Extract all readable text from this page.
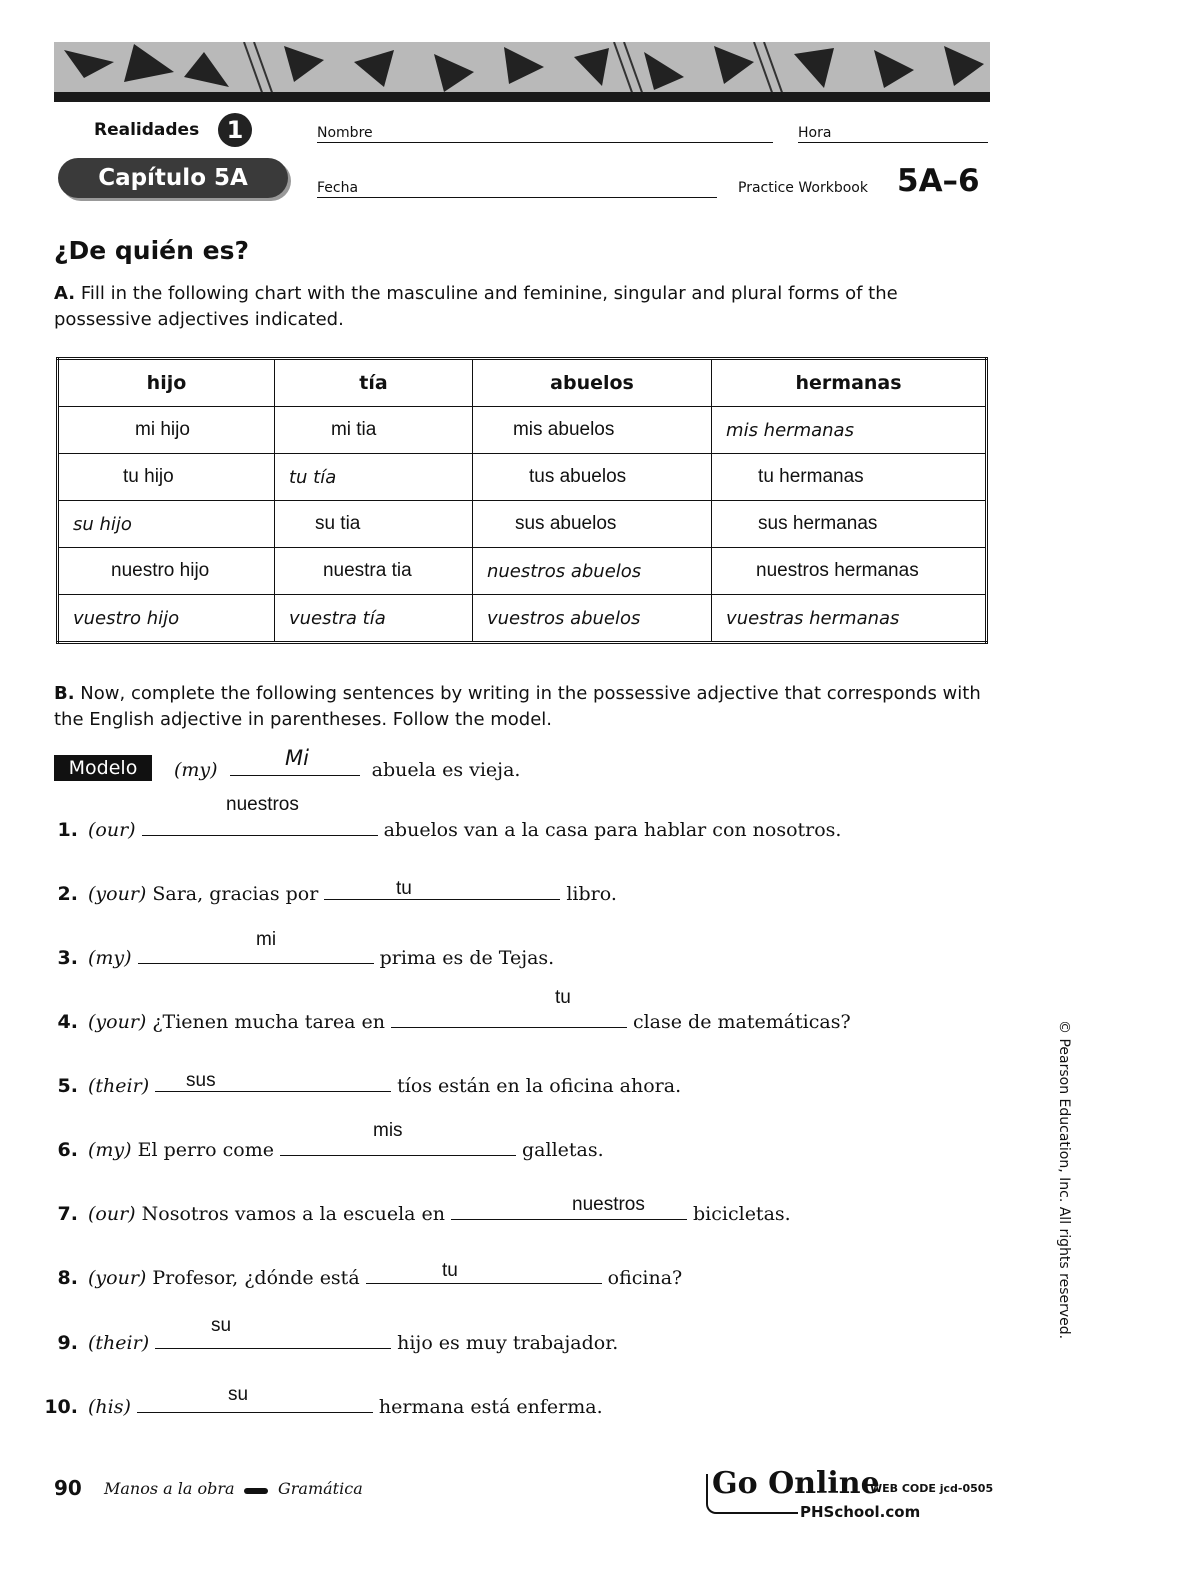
Realidades	1
Capítulo 5A
Nombre	Hora
Fecha	Practice Workbook 5A–6
¿De quién es?
A. Fill in the following chart with the masculine and feminine, singular and plural forms of the possessive adjectives indicated.
hijo	tía	abuelos	hermanas
mi hijo	mi tia	mis abuelos	mis hermanas
tu hijo	tu tía	tus abuelos	tu hermanas
su hijo	su tia	sus abuelos	sus hermanas
nuestro hijo	nuestra tia	nuestros abuelos	nuestros hermanas
vuestro hijo	vuestra tía	vuestros abuelos	vuestras hermanas
B. Now, complete the following sentences by writing in the possessive adjective that corresponds with the English adjective in parentheses. Follow the model.
Modelo	(my)	abuela es vieja.
Mi
1. (our)	abuelos van a la casa para hablar con nosotros.
nuestros
2. (your) Sara, gracias por	libro.
tu
3. (my)	prima es de Tejas.
mi
4. (your) ¿Tienen mucha tarea en	clase de matemáticas?
tu
5. (their)	tíos están en la oficina ahora.
sus
6. (my) El perro come	galletas.
mis
7. (our) Nosotros vamos a la escuela en	bicicletas.
nuestros
8. (your) Profesor, ¿dónde está	oficina?
tu
9. (their)	hijo es muy trabajador.
su
10. (his)	hermana está enferma.
su
© Pearson Education, Inc. All rights reserved.
90 Manos a la obra	Gramática	Go Online
WEB CODE jcd-0505
PHSchool.com
